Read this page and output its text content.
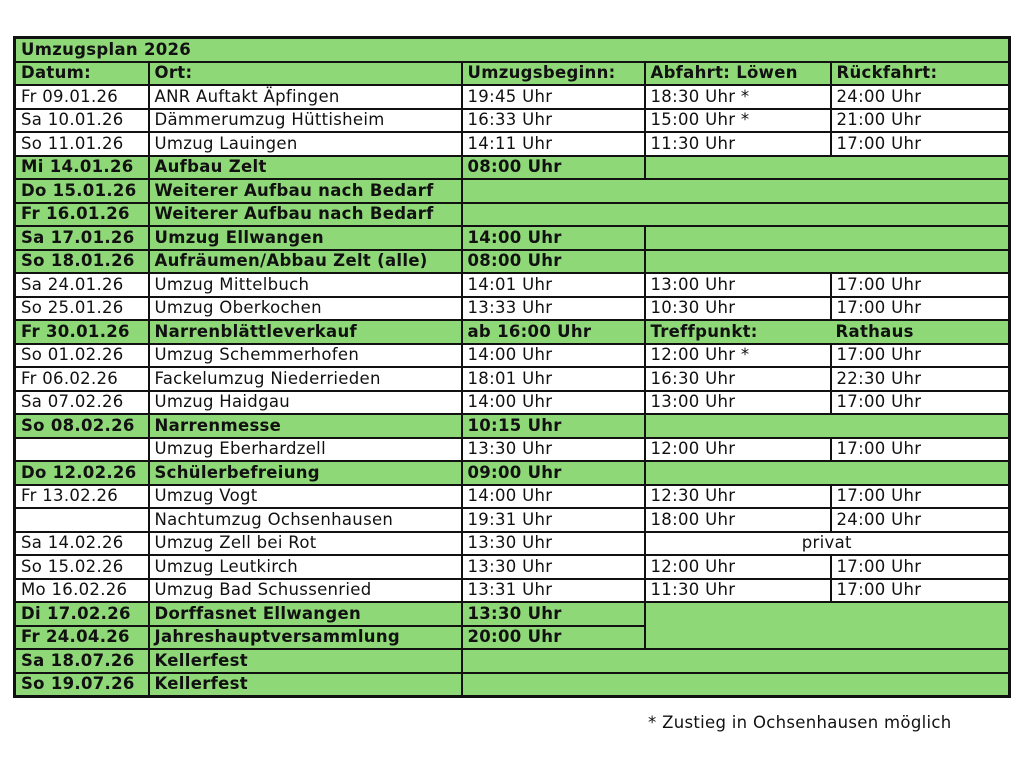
Umzugsplan 2026				
Datum:	Ort:	Umzugsbeginn:	Abfahrt: Löwen	Rückfahrt:
Fr 09.01.26	ANR Auftakt Äpfingen	19:45 Uhr	18:30 Uhr *	24:00 Uhr
Sa 10.01.26	Dämmerumzug Hüttisheim	16:33 Uhr	15:00 Uhr *	21:00 Uhr
So 11.01.26	Umzug Lauingen	14:11 Uhr	11:30 Uhr	17:00 Uhr
Mi 14.01.26	Aufbau Zelt	08:00 Uhr		
Do 15.01.26	Weiterer Aufbau nach Bedarf			
Fr 16.01.26	Weiterer Aufbau nach Bedarf			
Sa 17.01.26	Umzug Ellwangen	14:00 Uhr		
So 18.01.26	Aufräumen/Abbau Zelt (alle)	08:00 Uhr		
Sa 24.01.26	Umzug Mittelbuch	14:01 Uhr	13:00 Uhr	17:00 Uhr
So 25.01.26	Umzug Oberkochen	13:33 Uhr	10:30 Uhr	17:00 Uhr
Fr 30.01.26	Narrenblättleverkauf	ab 16:00 Uhr	Treffpunkt:	Rathaus
So 01.02.26	Umzug Schemmerhofen	14:00 Uhr	12:00 Uhr *	17:00 Uhr
Fr 06.02.26	Fackelumzug Niederrieden	18:01 Uhr	16:30 Uhr	22:30 Uhr
Sa 07.02.26	Umzug Haidgau	14:00 Uhr	13:00 Uhr	17:00 Uhr
So 08.02.26	Narrenmesse	10:15 Uhr		
	Umzug Eberhardzell	13:30 Uhr	12:00 Uhr	17:00 Uhr
Do 12.02.26	Schülerbefreiung	09:00 Uhr		
Fr 13.02.26	Umzug Vogt	14:00 Uhr	12:30 Uhr	17:00 Uhr
	Nachtumzug Ochsenhausen	19:31 Uhr	18:00 Uhr	24:00 Uhr
Sa 14.02.26	Umzug Zell bei Rot	13:30 Uhr	privat	
So 15.02.26	Umzug Leutkirch	13:30 Uhr	12:00 Uhr	17:00 Uhr
Mo 16.02.26	Umzug Bad Schussenried	13:31 Uhr	11:30 Uhr	17:00 Uhr
Di 17.02.26	Dorffasnet Ellwangen	13:30 Uhr		
Fr 24.04.26	Jahreshauptversammlung	20:00 Uhr		
Sa 18.07.26	Kellerfest			
So 19.07.26	Kellerfest			
* Zustieg in Ochsenhausen möglich
